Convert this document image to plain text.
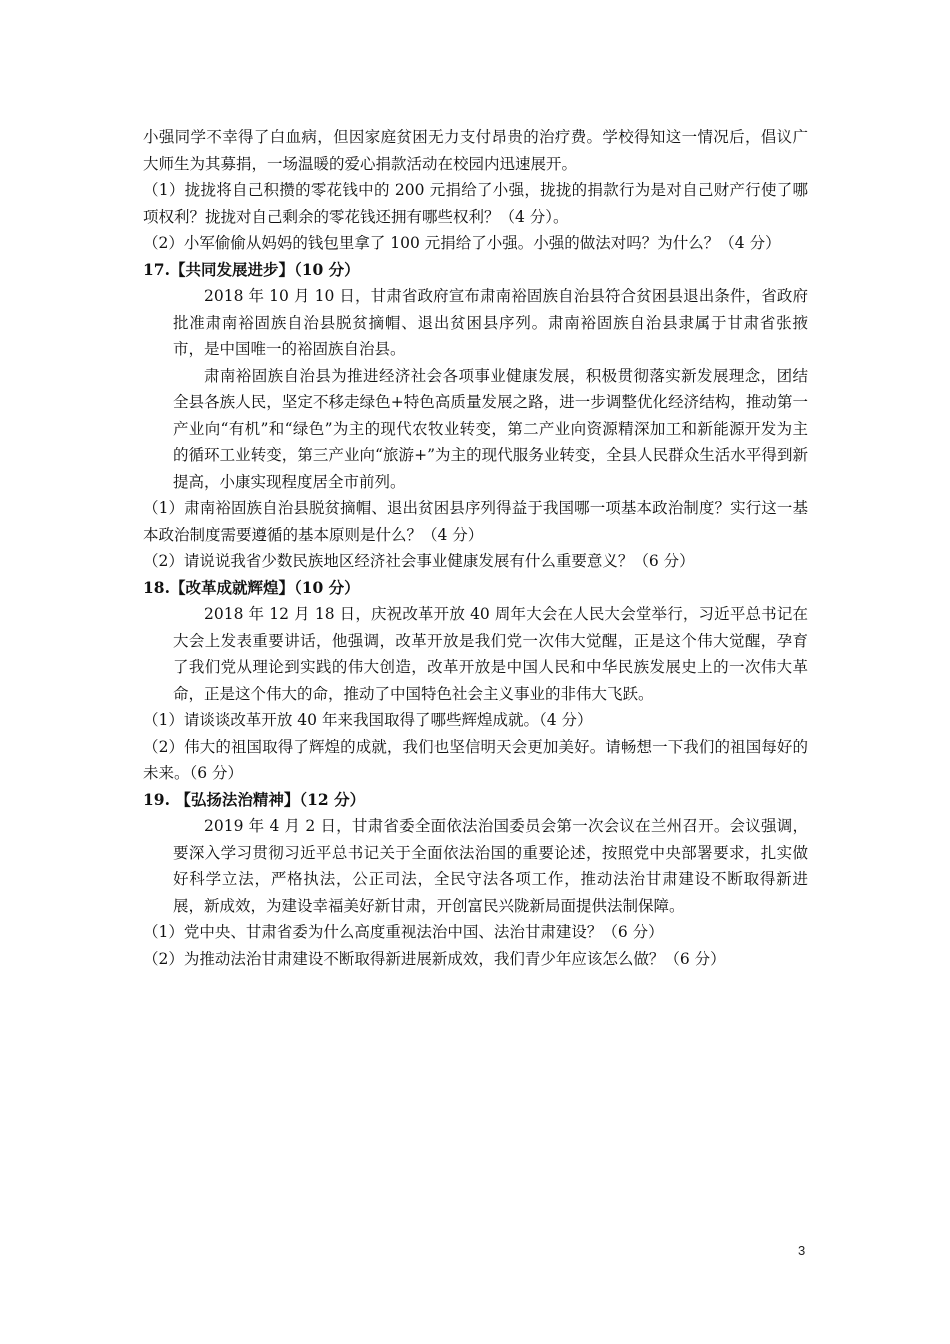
小强同学不幸得了白血病，但因家庭贫困无力支付昂贵的治疗费。学校得知这一情况后，倡议广大师生为其募捐，一场温暖的爱心捐款活动在校园内迅速展开。

（1）拢拢将自己积攒的零花钱中的 200 元捐给了小强，拢拢的捐款行为是对自己财产行使了哪项权利？拢拢对自己剩余的零花钱还拥有哪些权利？（4 分）。

（2）小军偷偷从妈妈的钱包里拿了 100 元捐给了小强。小强的做法对吗？为什么？（4 分）

17.【共同发展进步】（10 分）

2018 年 10 月 10 日，甘肃省政府宣布肃南裕固族自治县符合贫困县退出条件，省政府批准肃南裕固族自治县脱贫摘帽、退出贫困县序列。肃南裕固族自治县隶属于甘肃省张掖市，是中国唯一的裕固族自治县。

肃南裕固族自治县为推进经济社会各项事业健康发展，积极贯彻落实新发展理念，团结全县各族人民，坚定不移走绿色+特色高质量发展之路，进一步调整优化经济结构，推动第一产业向“有机”和“绿色”为主的现代农牧业转变，第二产业向资源精深加工和新能源开发为主的循环工业转变，第三产业向“旅游+”为主的现代服务业转变，全县人民群众生活水平得到新提高，小康实现程度居全市前列。

（1）肃南裕固族自治县脱贫摘帽、退出贫困县序列得益于我国哪一项基本政治制度？实行这一基本政治制度需要遵循的基本原则是什么？（4 分）

（2）请说说我省少数民族地区经济社会事业健康发展有什么重要意义？（6 分）

18.【改革成就辉煌】（10 分）

2018 年 12 月 18 日，庆祝改革开放 40 周年大会在人民大会堂举行，习近平总书记在大会上发表重要讲话，他强调，改革开放是我们党一次伟大觉醒，正是这个伟大觉醒，孕育了我们党从理论到实践的伟大创造，改革开放是中国人民和中华民族发展史上的一次伟大革命，正是这个伟大的命，推动了中国特色社会主义事业的非伟大飞跃。

（1）请谈谈改革开放 40 年来我国取得了哪些辉煌成就。（4 分）

（2）伟大的祖国取得了辉煌的成就，我们也坚信明天会更加美好。请畅想一下我们的祖国每好的未来。（6 分）

19. 【弘扬法治精神】（12 分）

2019 年 4 月 2 日，甘肃省委全面依法治国委员会第一次会议在兰州召开。会议强调，要深入学习贯彻习近平总书记关于全面依法治国的重要论述，按照党中央部署要求，扎实做好科学立法，严格执法，公正司法，全民守法各项工作，推动法治甘肃建设不断取得新进展，新成效，为建设幸福美好新甘肃，开创富民兴陇新局面提供法制保障。

（1）党中央、甘肃省委为什么高度重视法治中国、法治甘肃建设？（6 分）

（2）为推动法治甘肃建设不断取得新进展新成效，我们青少年应该怎么做？（6 分）

3
